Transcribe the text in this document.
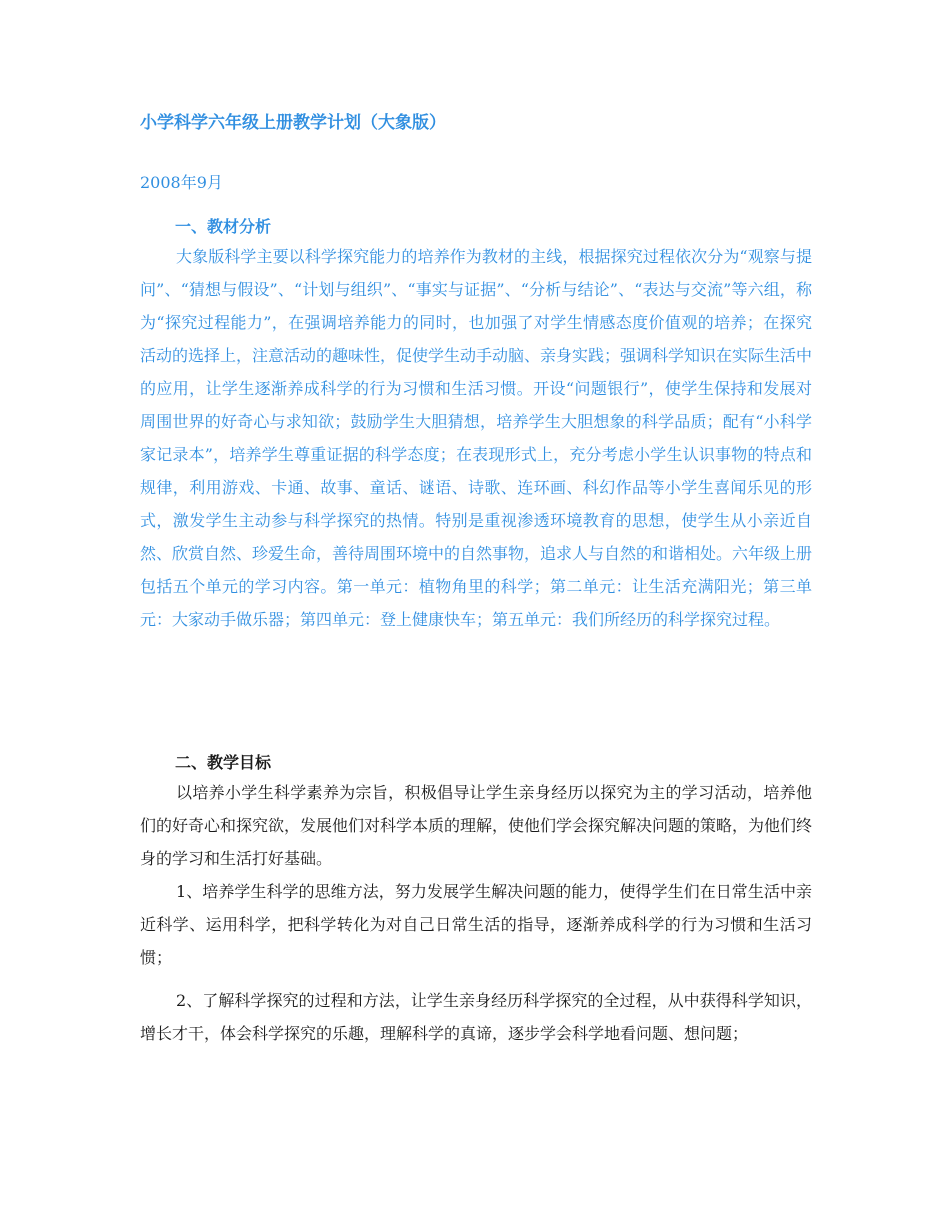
小学科学六年级上册教学计划（大象版）
2008年9月
一、教材分析
大象版科学主要以科学探究能力的培养作为教材的主线，根据探究过程依次分为“观察与提问”、“猜想与假设”、“计划与组织”、“事实与证据”、“分析与结论”、“表达与交流”等六组，称为“探究过程能力”，在强调培养能力的同时，也加强了对学生情感态度价值观的培养；在探究活动的选择上，注意活动的趣味性，促使学生动手动脑、亲身实践；强调科学知识在实际生活中的应用，让学生逐渐养成科学的行为习惯和生活习惯。开设“问题银行”，使学生保持和发展对周围世界的好奇心与求知欲；鼓励学生大胆猜想，培养学生大胆想象的科学品质；配有“小科学家记录本”，培养学生尊重证据的科学态度；在表现形式上，充分考虑小学生认识事物的特点和规律，利用游戏、卡通、故事、童话、谜语、诗歌、连环画、科幻作品等小学生喜闻乐见的形式，激发学生主动参与科学探究的热情。特别是重视渗透环境教育的思想，使学生从小亲近自然、欣赏自然、珍爱生命，善待周围环境中的自然事物，追求人与自然的和谐相处。六年级上册包括五个单元的学习内容。第一单元：植物角里的科学；第二单元：让生活充满阳光；第三单元：大家动手做乐器；第四单元：登上健康快车；第五单元：我们所经历的科学探究过程。
二、教学目标
以培养小学生科学素养为宗旨，积极倡导让学生亲身经历以探究为主的学习活动，培养他们的好奇心和探究欲，发展他们对科学本质的理解，使他们学会探究解决问题的策略，为他们终身的学习和生活打好基础。
1、培养学生科学的思维方法，努力发展学生解决问题的能力，使得学生们在日常生活中亲近科学、运用科学，把科学转化为对自己日常生活的指导，逐渐养成科学的行为习惯和生活习惯；
2、了解科学探究的过程和方法，让学生亲身经历科学探究的全过程，从中获得科学知识，增长才干，体会科学探究的乐趣，理解科学的真谛，逐步学会科学地看问题、想问题；
